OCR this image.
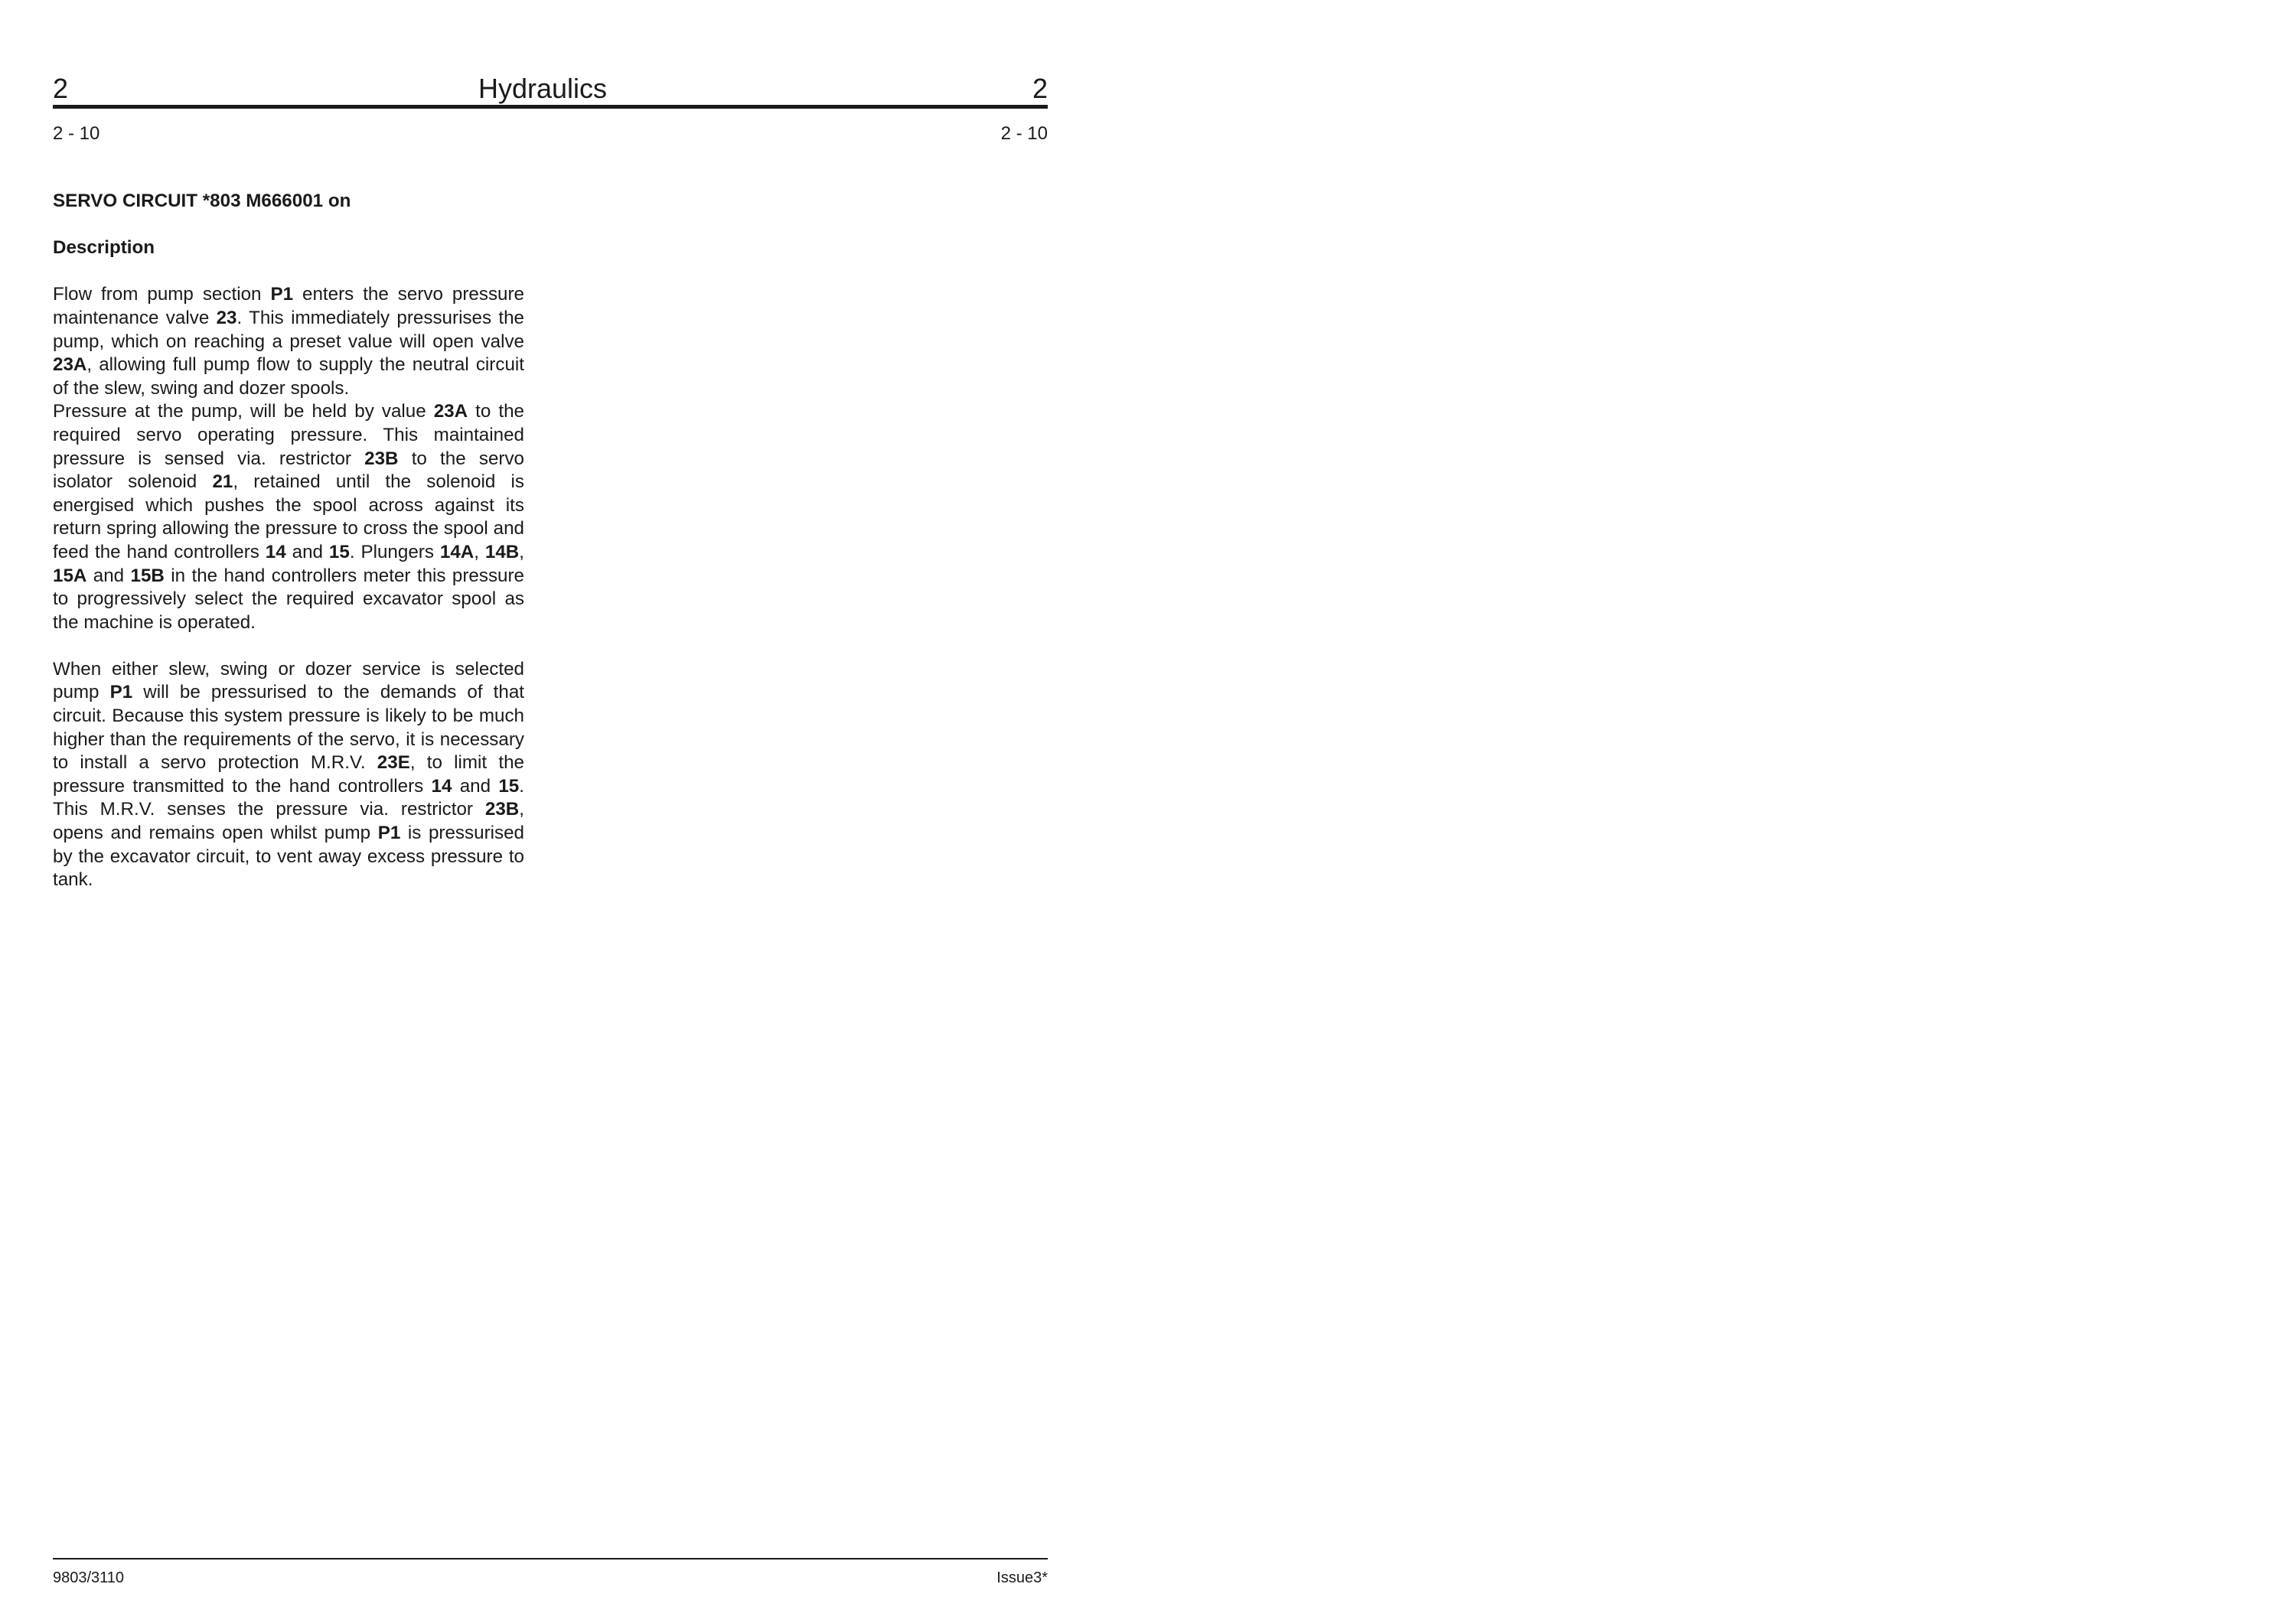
2	Hydraulics	2
2 - 10	2 - 10
SERVO CIRCUIT *803 M666001 on
Description

Flow from pump section P1 enters the servo pressure maintenance valve 23. This immediately pressurises the pump, which on reaching a preset value will open valve 23A, allowing full pump flow to supply the neutral circuit of the slew, swing and dozer spools.

Pressure at the pump, will be held by value 23A to the required servo operating pressure. This maintained pressure is sensed via. restrictor 23B to the servo isolator solenoid 21, retained until the solenoid is energised which pushes the spool across against its return spring allowing the pressure to cross the spool and feed the hand controllers 14 and 15. Plungers 14A, 14B, 15A and 15B in the hand controllers meter this pressure to progressively select the required excavator spool as the machine is operated.

When either slew, swing or dozer service is selected pump P1 will be pressurised to the demands of that circuit. Because this system pressure is likely to be much higher than the requirements of the servo, it is necessary to install a servo protection M.R.V. 23E, to limit the pressure transmitted to the hand controllers 14 and 15. This M.R.V. senses the pressure via. restrictor 23B, opens and remains open whilst pump P1 is pressurised by the excavator circuit, to vent away excess pressure to tank.

9803/3110	Issue3*
